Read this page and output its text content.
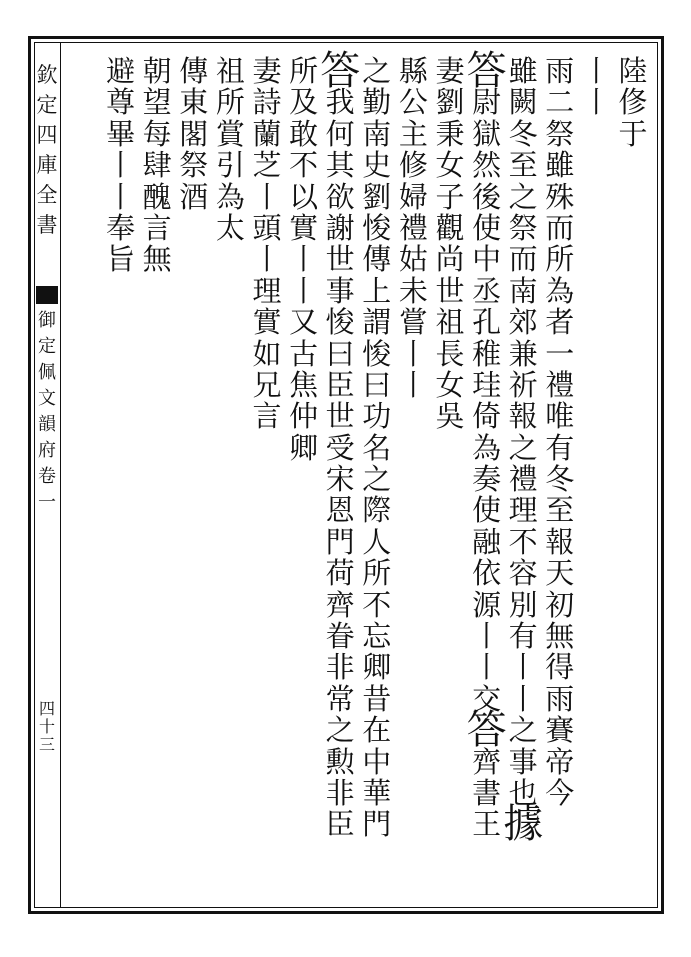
欽
定
四
庫
全
書
御
定
佩
文
韻
府
卷
一
四
十
三
陸
俢
于
丨
丨
雨
二
祭
雖
殊
而
所
為
者
一
禮
唯
有
冬
至
報
天
初
無
得
雨
賽
帝
今
雖
闕
冬
至
之
祭
而
南
郊
兼
祈
報
之
禮
理
不
容
別
有
丨
丨
之
事
也
據
答
尉
獄
然
後
使
中
丞
孔
稚
珪
倚
為
奏
使
融
依
源
丨
丨
交
答
齊
書
王
妻
劉
秉
女
子
觀
尚
世
祖
長
女
吳
縣
公
主
修
婦
禮
姑
未
嘗
丨
丨
之
勤
南
史
劉
悛
傳
上
謂
悛
曰
功
名
之
際
人
所
不
忘
卿
昔
在
中
華
門
答
我
何
其
欲
謝
世
事
悛
曰
臣
世
受
宋
恩
門
荷
齊
眷
非
常
之
勲
非
臣
所
及
敢
不
以
實
丨
丨
又
古
焦
仲
卿
妻
詩
蘭
芝
丨
頭
丨
理
實
如
兄
言
祖
所
賞
引
為
太
傳
東
閣
祭
酒
朝
望
每
肆
醜
言
無
避
尊
畢
丨
丨
奉
旨
